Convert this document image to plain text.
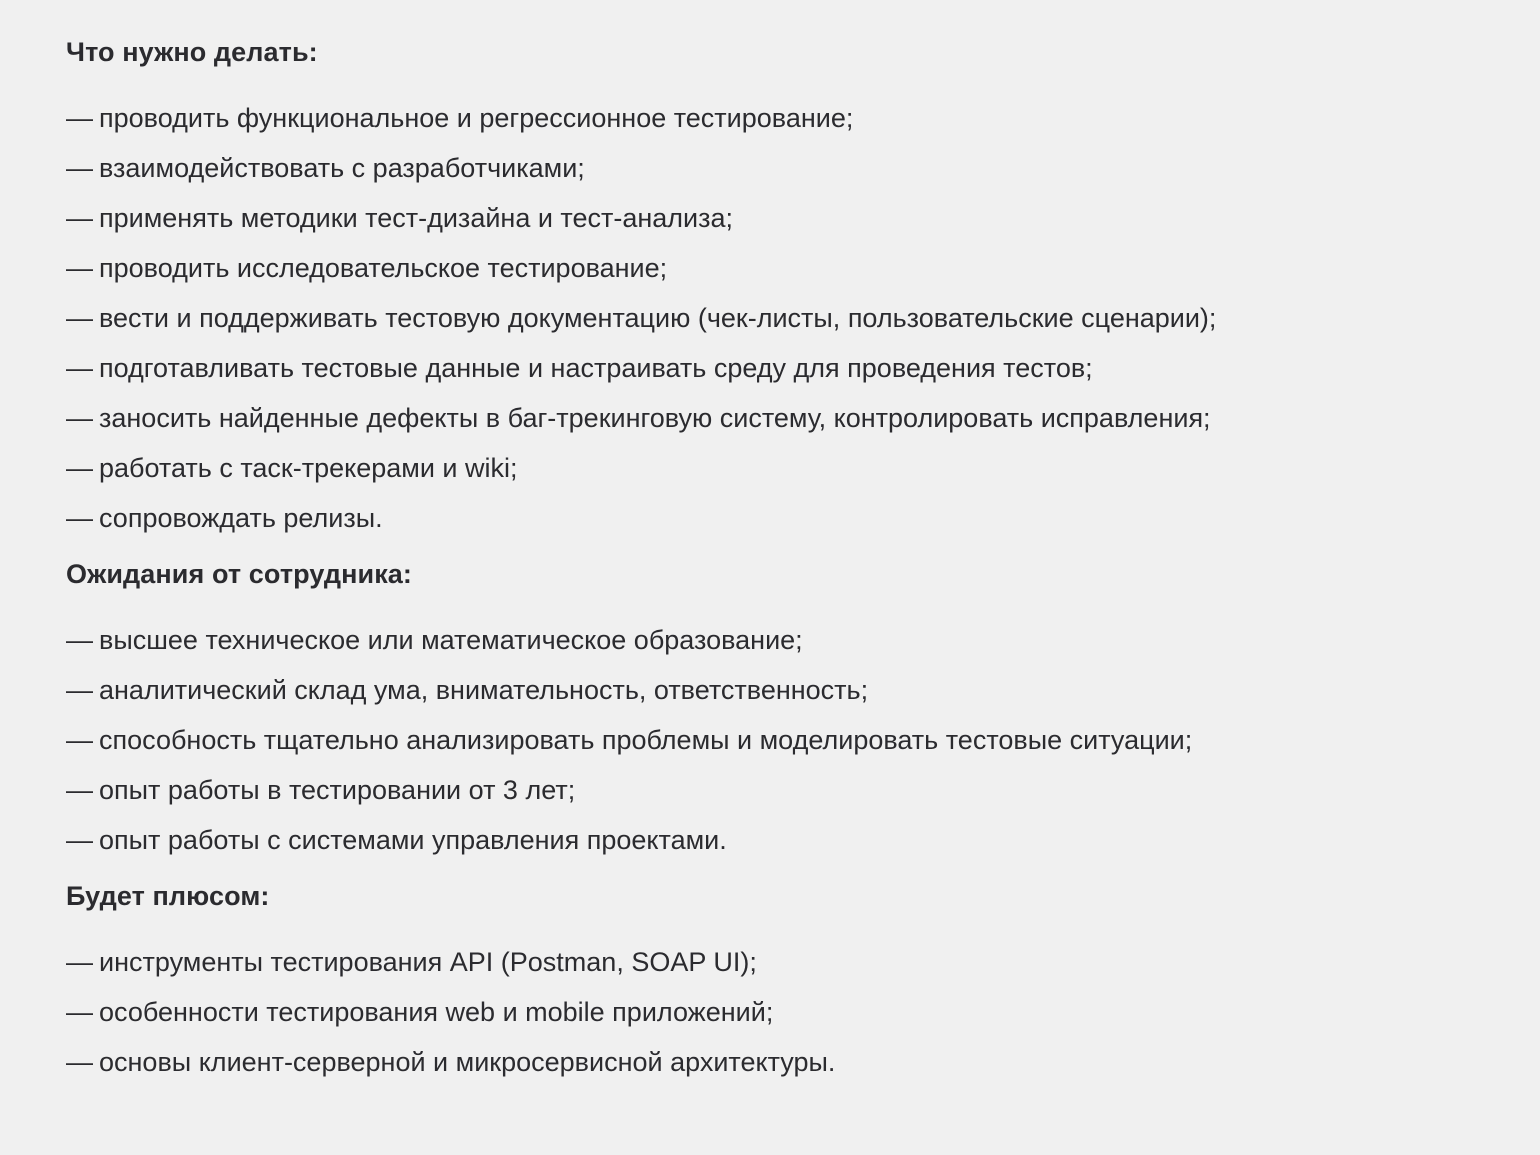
Что нужно делать:
— проводить функциональное и регрессионное тестирование;
— взаимодействовать с разработчиками;
— применять методики тест-дизайна и тест-анализа;
— проводить исследовательское тестирование;
— вести и поддерживать тестовую документацию (чек-листы, пользовательские сценарии);
— подготавливать тестовые данные и настраивать среду для проведения тестов;
— заносить найденные дефекты в баг-трекинговую систему, контролировать исправления;
— работать с таск-трекерами и wiki;
— сопровождать релизы.
Ожидания от сотрудника:
— высшее техническое или математическое образование;
— аналитический склад ума, внимательность, ответственность;
— способность тщательно анализировать проблемы и моделировать тестовые ситуации;
— опыт работы в тестировании от 3 лет;
— опыт работы с системами управления проектами.
Будет плюсом:
— инструменты тестирования API (Postman, SOAP UI);
— особенности тестирования web и mobile приложений;
— основы клиент-серверной и микросервисной архитектуры.
